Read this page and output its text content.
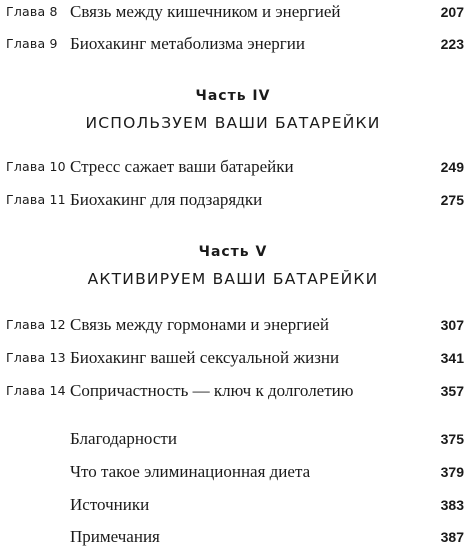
Глава 8 Связь между кишечником и энергией	207
Глава 9 Биохакинг метаболизма энергии	223
Часть IV
ИСПОЛЬЗУЕМ ВАШИ БАТАРЕЙКИ
Глава 10 Стресс сажает ваши батарейки	249
Глава 11 Биохакинг для подзарядки	275
Часть V
АКТИВИРУЕМ ВАШИ БАТАРЕЙКИ
Глава 12 Связь между гормонами и энергией	307
Глава 13 Биохакинг вашей сексуальной жизни	341
Глава 14 Сопричастность — ключ к долголетию	357
Благодарности	375
Что такое элиминационная диета	379
Источники	383
Примечания	387
